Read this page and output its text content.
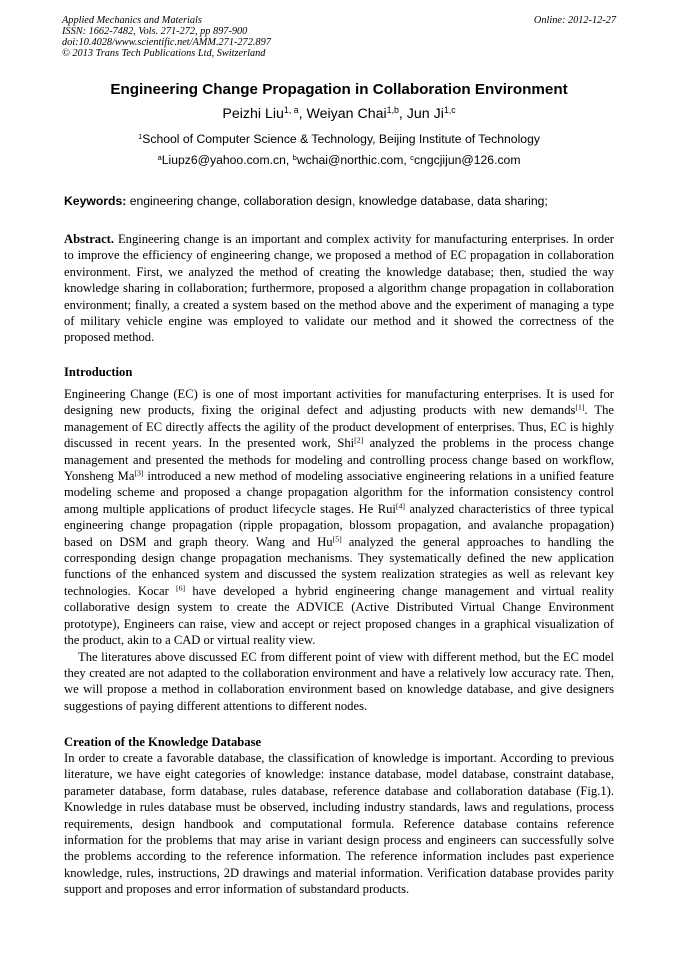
Applied Mechanics and Materials	Online: 2012-12-27
ISSN: 1662-7482, Vols. 271-272, pp 897-900
doi:10.4028/www.scientific.net/AMM.271-272.897
© 2013 Trans Tech Publications Ltd, Switzerland
Engineering Change Propagation in Collaboration Environment
Peizhi Liu$^{1, a}$, Weiyan Chai$^{1,b}$, Jun Ji$^{1,c}$
$^1$School of Computer Science & Technology, Beijing Institute of Technology
$^a$Liupz6@yahoo.com.cn, $^b$wchai@northic.com, $^c$cngcjijun@126.com
Keywords: engineering change, collaboration design, knowledge database, data sharing;

Abstract. Engineering change is an important and complex activity for manufacturing enterprises. In order to improve the efficiency of engineering change, we proposed a method of EC propagation in collaboration environment. First, we analyzed the method of creating the knowledge database; then, studied the way knowledge sharing in collaboration; furthermore, proposed a algorithm change propagation in collaboration environment; finally, a created a system based on the method above and the experiment of managing a type of military vehicle engine was employed to validate our method and it showed the correctness of the proposed method.

Introduction

Engineering Change (EC) is one of most important activities for manufacturing enterprises. It is used for designing new products, fixing the original defect and adjusting products with new demands[1]. The management of EC directly affects the agility of the product development of enterprises. Thus, EC is highly discussed in recent years. In the presented work, Shi[2] analyzed the problems in the process change management and presented the methods for modeling and controlling process change based on workflow, Yonsheng Ma[3] introduced a new method of modeling associative engineering relations in a unified feature modeling scheme and proposed a change propagation algorithm for the information consistency control among multiple applications of product lifecycle stages. He Rui[4] analyzed characteristics of three typical engineering change propagation (ripple propagation, blossom propagation, and avalanche propagation) based on DSM and graph theory. Wang and Hu[5] analyzed the general approaches to handling the corresponding design change propagation mechanisms. They systematically defined the new application functions of the enhanced system and discussed the system realization strategies as well as relevant key technologies. Kocar [6] have developed a hybrid engineering change management and virtual reality collaborative design system to create the ADVICE (Active Distributed Virtual Change Environment prototype), Engineers can raise, view and accept or reject proposed changes in a graphical visualization of the product, akin to a CAD or virtual reality view.

The literatures above discussed EC from different point of view with different method, but the EC model they created are not adapted to the collaboration environment and have a relatively low accuracy rate. Then, we will propose a method in collaboration environment based on knowledge database, and give designers suggestions of paying different attentions to different nodes.

Creation of the Knowledge Database

In order to create a favorable database, the classification of knowledge is important. According to previous literature, we have eight categories of knowledge: instance database, model database, constraint database, parameter database, form database, rules database, reference database and collaboration database (Fig.1). Knowledge in rules database must be observed, including industry standards, laws and regulations, process requirements, design handbook and computational formula. Reference database contains reference information for the problems that may arise in variant design process and engineers can successfully solve the problems according to the reference information. The reference information includes past experience knowledge, rules, instructions, 2D drawings and material information. Verification database provides parity support and proposes and error information of substandard products.
